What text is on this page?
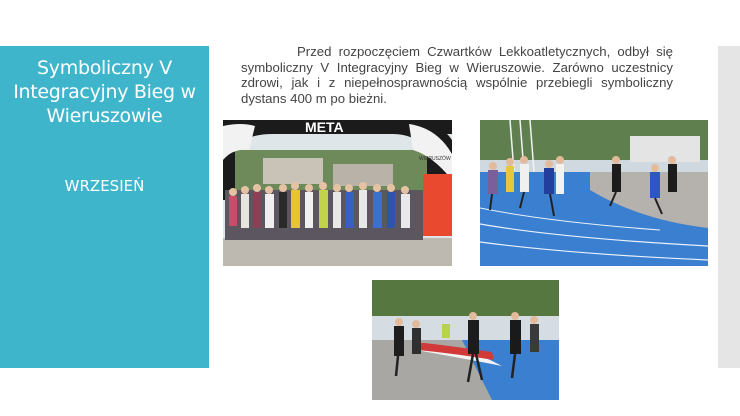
Symboliczny V Integracyjny Bieg w Wieruszowie
WRZESIEŃ
Przed rozpoczęciem Czwartków Lekkoatletycznych, odbył się symboliczny V Integracyjny Bieg w Wieruszowie. Zarówno uczestnicy zdrowi, jak i z niepełnosprawnością wspólnie przebiegli symboliczny dystans 400 m po bieżni.
META
WIERUSZÓW
